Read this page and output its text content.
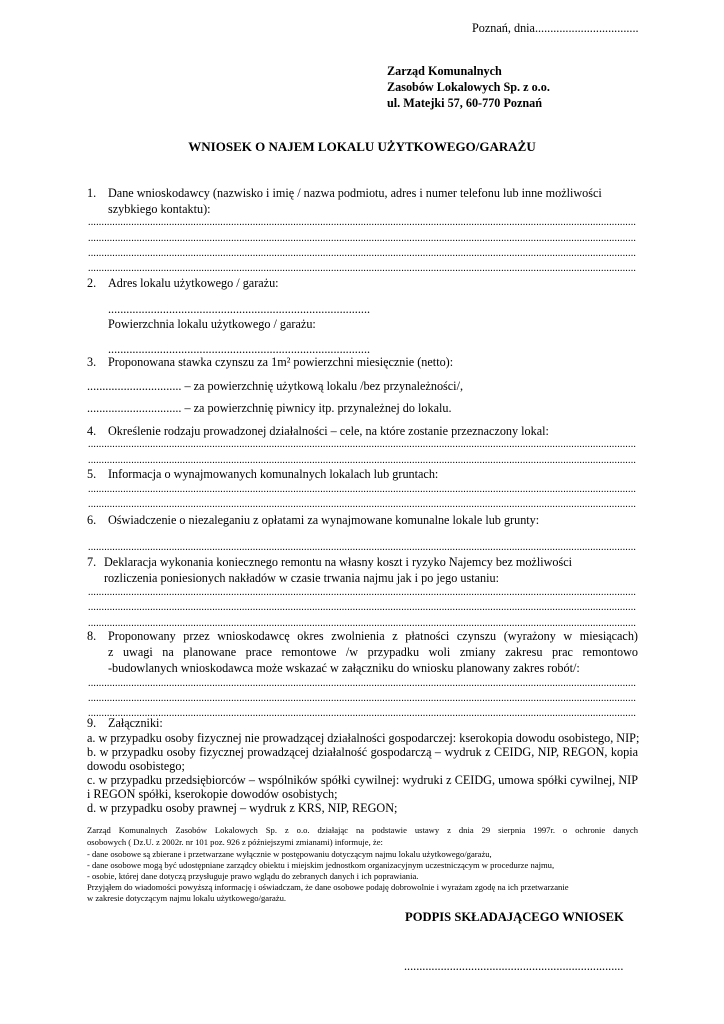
Poznań, dnia..................................
Zarząd Komunalnych
Zasobów Lokalowych Sp. z o.o.
ul. Matejki 57, 60-770 Poznań
WNIOSEK O NAJEM LOKALU UŻYTKOWEGO/GARAŻU
1. Dane wnioskodawcy (nazwisko i imię / nazwa podmiotu, adres i numer telefonu lub inne możliwości
szybkiego kontaktu):
.....
.....
.....
.....
2. Adres lokalu użytkowego / garażu:
......................................................................................
Powierzchnia lokalu użytkowego / garażu:
......................................................................................
3. Proponowana stawka czynszu za 1m² powierzchni miesięcznie (netto):
............................... – za powierzchnię użytkową lokalu /bez przynależności/,
............................... – za powierzchnię piwnicy itp. przynależnej do lokalu.
4. Określenie rodzaju prowadzonej działalności – cele, na które zostanie przeznaczony lokal:
.....
.....
5. Informacja o wynajmowanych komunalnych lokalach lub gruntach:
.....
.....
6. Oświadczenie o niezaleganiu z opłatami za wynajmowane komunalne lokale lub grunty:
.....
7. Deklaracja wykonania koniecznego remontu na własny koszt i ryzyko Najemcy bez możliwości
rozliczenia poniesionych nakładów w czasie trwania najmu jak i po jego ustaniu:
.....
.....
.....
8. Proponowany przez wnioskodawcę okres zwolnienia z płatności czynszu (wyrażony w miesiącach)
z uwagi na planowane prace remontowe /w przypadku woli zmiany zakresu prac remontowo
-budowlanych wnioskodawca może wskazać w załączniku do wniosku planowany zakres robót/:
.....
.....
.....
9. Załączniki:
a. w przypadku osoby fizycznej nie prowadzącej działalności gospodarczej: kserokopia dowodu osobistego, NIP;
b. w przypadku osoby fizycznej prowadzącej działalność gospodarczą – wydruk z CEIDG, NIP, REGON, kopia
dowodu osobistego;
c. w przypadku przedsiębiorców – wspólników spółki cywilnej: wydruki z CEIDG, umowa spółki cywilnej, NIP
i REGON spółki, kserokopie dowodów osobistych;
d. w przypadku osoby prawnej – wydruk z KRS, NIP, REGON;
Zarząd Komunalnych Zasobów Lokalowych Sp. z o.o. działając na podstawie ustawy z dnia 29 sierpnia 1997r. o ochronie danych
osobowych ( Dz.U. z 2002r. nr 101 poz. 926 z późniejszymi zmianami) informuje, że:
- dane osobowe są zbierane i przetwarzane wyłącznie w postępowaniu dotyczącym najmu lokalu użytkowego/garażu,
- dane osobowe mogą być udostępniane zarządcy obiektu i miejskim jednostkom organizacyjnym uczestniczącym w procedurze najmu,
- osobie, której dane dotyczą przysługuje prawo wglądu do zebranych danych i ich poprawiania.
Przyjąłem do wiadomości powyższą informację i oświadczam, że dane osobowe podaję dobrowolnie i wyrażam zgodę na ich przetwarzanie
w zakresie dotyczącym najmu lokalu użytkowego/garażu.
PODPIS SKŁADAJĄCEGO WNIOSEK
........................................................................
